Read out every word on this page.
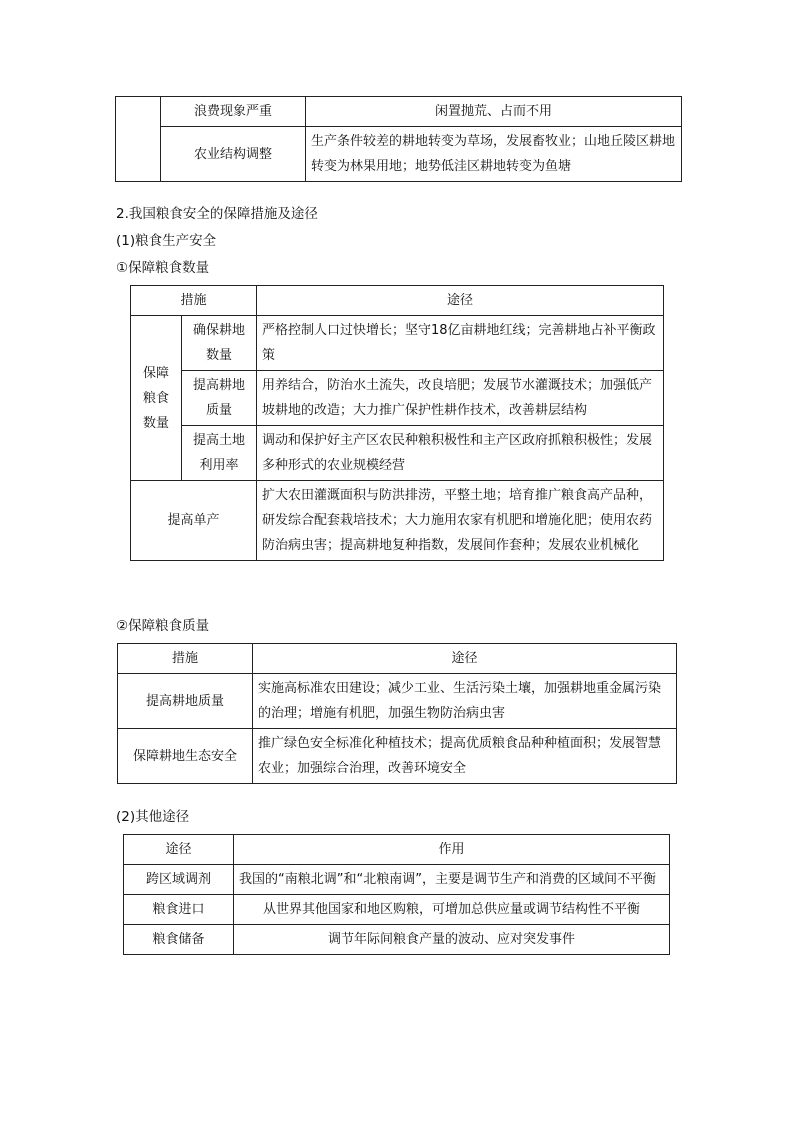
	浪费现象严重	闲置抛荒、占而不用
	农业结构调整	生产条件较差的耕地转变为草场，发展畜牧业；山地丘陵区耕地转变为林果用地；地势低洼区耕地转变为鱼塘
2.我国粮食安全的保障措施及途径
(1)粮食生产安全
①保障粮食数量
措施		途径
保障粮食数量	确保耕地数量	严格控制人口过快增长；坚守18亿亩耕地红线；完善耕地占补平衡政策
	提高耕地质量	用养结合，防治水土流失，改良培肥；发展节水灌溉技术；加强低产坡耕地的改造；大力推广保护性耕作技术，改善耕层结构
	提高土地利用率	调动和保护好主产区农民种粮积极性和主产区政府抓粮积极性；发展多种形式的农业规模经营
提高单产		扩大农田灌溉面积与防洪排涝，平整土地；培育推广粮食高产品种，研发综合配套栽培技术；大力施用农家有机肥和增施化肥；使用农药防治病虫害；提高耕地复种指数，发展间作套种；发展农业机械化
②保障粮食质量
措施	途径
提高耕地质量	实施高标准农田建设；减少工业、生活污染土壤，加强耕地重金属污染的治理；增施有机肥，加强生物防治病虫害
保障耕地生态安全	推广绿色安全标准化种植技术；提高优质粮食品种种植面积；发展智慧农业；加强综合治理，改善环境安全
(2)其他途径
途径	作用
跨区域调剂	我国的“南粮北调”和“北粮南调”，主要是调节生产和消费的区域间不平衡
粮食进口	从世界其他国家和地区购粮，可增加总供应量或调节结构性不平衡
粮食储备	调节年际间粮食产量的波动、应对突发事件
